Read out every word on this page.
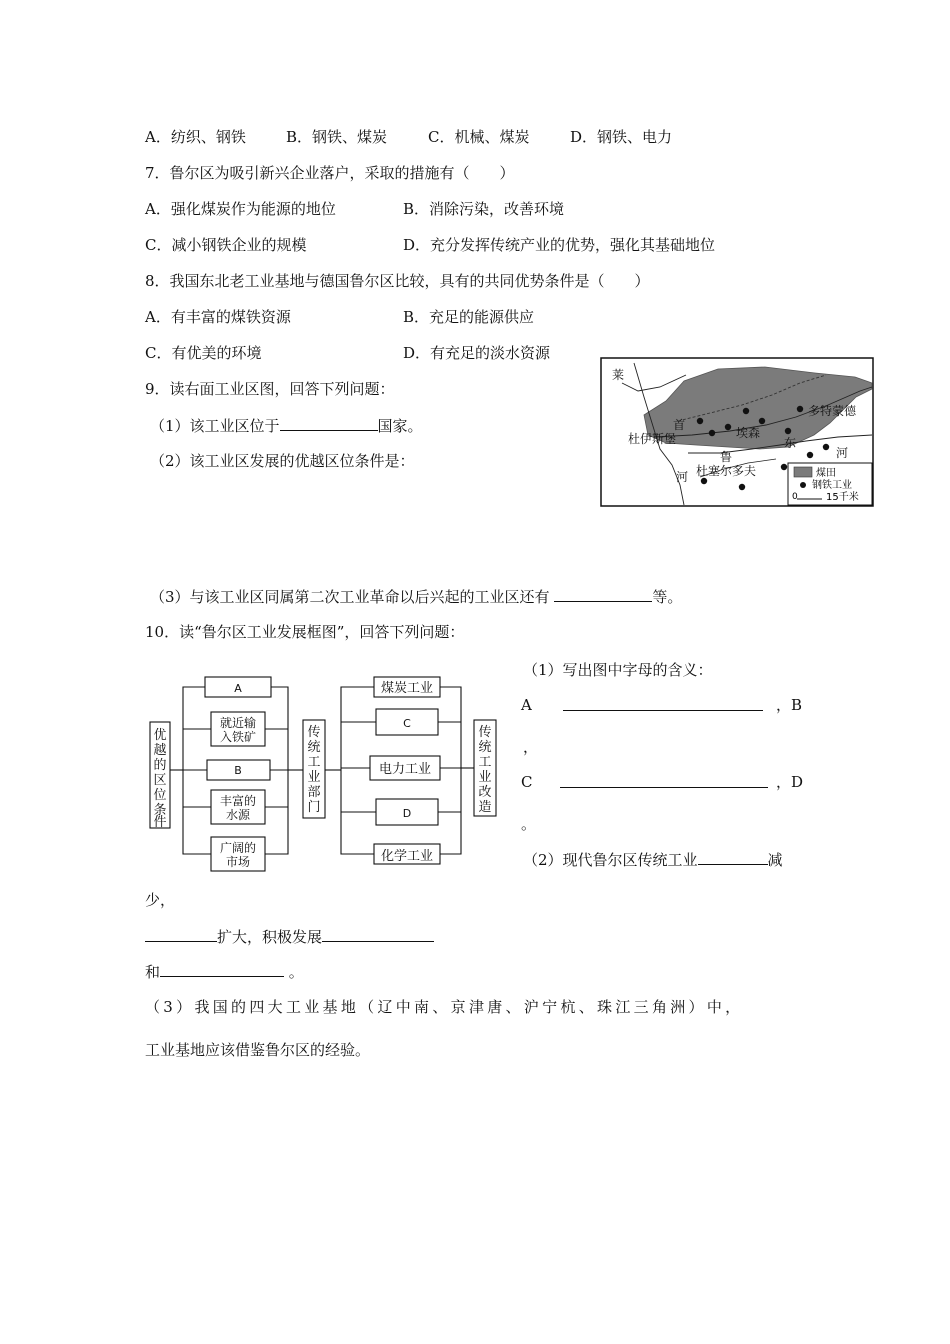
A．纺织、钢铁	B．钢铁、煤炭	C．机械、煤炭	D．钢铁、电力
7．鲁尔区为吸引新兴企业落户，采取的措施有（　　）
A．强化煤炭作为能源的地位	B．消除污染，改善环境
C．减小钢铁企业的规模	D．充分发挥传统产业的优势，强化其基础地位
8．我国东北老工业基地与德国鲁尔区比较，具有的共同优势条件是（　　）
A．有丰富的煤铁资源	B．充足的能源供应
C．有优美的环境	D．有充足的淡水资源
9．读右面工业区图，回答下列问题：
（1）该工业区位于	国家。
（2）该工业区发展的优越区位条件是：
（3）与该工业区同属第二次工业革命以后兴起的工业区还有	等。
莱
首
杜伊斯堡	埃森
多特蒙德
东
河
鲁
河 杜塞尔多夫	煤田
钢铁工业
0	15千米
10．读“鲁尔区工业发展框图”，回答下列问题：
A
就近输入铁矿
B
丰富的水源
广阔的市场
煤炭工业
C
电力工业
D
化学工业
优越的区位条件
传统工业部门
传统工业改造
（1）写出图中字母的含义：
A	，B
，
C	，D
。
（2）现代鲁尔区传统工业	减
少，
扩大，积极发展
和	。
（3）我国的四大工业基地（辽中南、京津唐、沪宁杭、珠江三角洲）中，
工业基地应该借鉴鲁尔区的经验。
